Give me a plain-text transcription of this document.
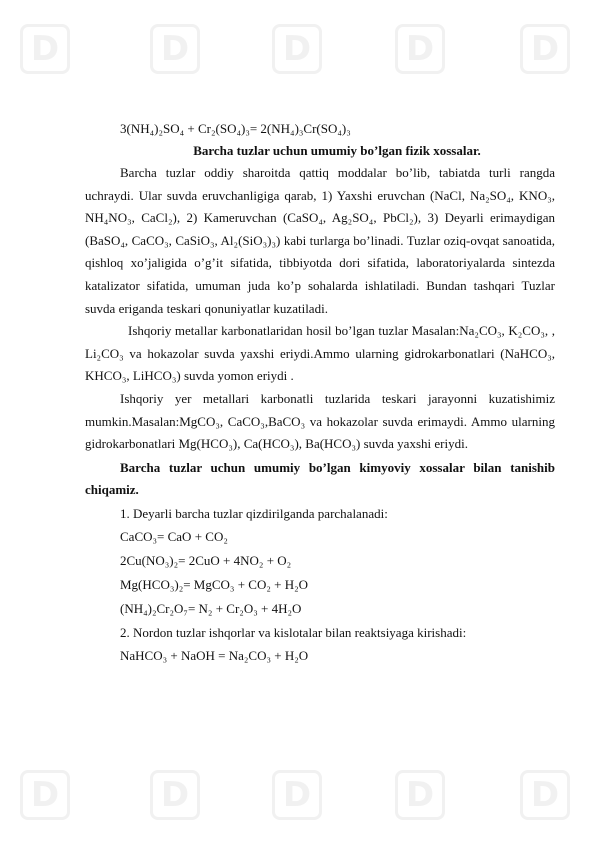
D	D	D	D	D
D	D	D	D	D

3(NH₄)₂SO₄ + Cr₂(SO₄)₃= 2(NH₄)₃Cr(SO₄)₃

Barcha tuzlar uchun umumiy bo’lgan fizik xossalar.

Barcha tuzlar oddiy sharoitda qattiq moddalar bo’lib, tabiatda turli rangda uchraydi. Ular suvda eruvchanligiga qarab, 1) Yaxshi eruvchan (NaCl, Na₂SO₄, KNO₃, NH₄NO₃, CaCl₂), 2) Kameruvchan (CaSO₄, Ag₂SO₄, PbCl₂), 3) Deyarli erimaydigan (BaSO₄, CaCO₃, CaSiO₃, Al₂(SiO₃)₃) kabi turlarga bo’linadi. Tuzlar oziq-ovqat sanoatida, qishloq xo’jaligida o’g’it sifatida, tibbiyotda dori sifatida, laboratoriyalarda sintezda katalizator sifatida, umuman juda ko’p sohalarda ishlatiladi. Bundan tashqari Tuzlar suvda eriganda teskari qonuniyatlar kuzatiladi.

Ishqoriy metallar karbonatlaridan hosil bo’lgan tuzlar Masalan:Na₂CO₃, K₂CO₃, , Li₂CO₃ va hokazolar suvda yaxshi eriydi.Ammo ularning gidrokarbonatlari (NaHCO₃, KHCO₃, LiHCO₃) suvda yomon eriydi .

Ishqoriy yer metallari karbonatli tuzlarida teskari jarayonni kuzatishimiz mumkin.Masalan:MgCO₃, CaCO₃,BaCO₃ va hokazolar suvda erimaydi. Ammo ularning gidrokarbonatlari Mg(HCO₃), Ca(HCO₃), Ba(HCO₃) suvda yaxshi eriydi.

Barcha tuzlar uchun umumiy bo’lgan kimyoviy xossalar bilan tanishib chiqamiz.

1. Deyarli barcha tuzlar qizdirilganda parchalanadi:

CaCO₃= CaO + CO₂

2Cu(NO₃)₂= 2CuO + 4NO₂ + O₂

Mg(HCO₃)₂= MgCO₃ + CO₂ + H₂O

(NH₄)₂Cr₂O₇= N₂ + Cr₂O₃ + 4H₂O

2. Nordon tuzlar ishqorlar va kislotalar bilan reaktsiyaga kirishadi:

NaHCO₃ + NaOH = Na₂CO₃ + H₂O
